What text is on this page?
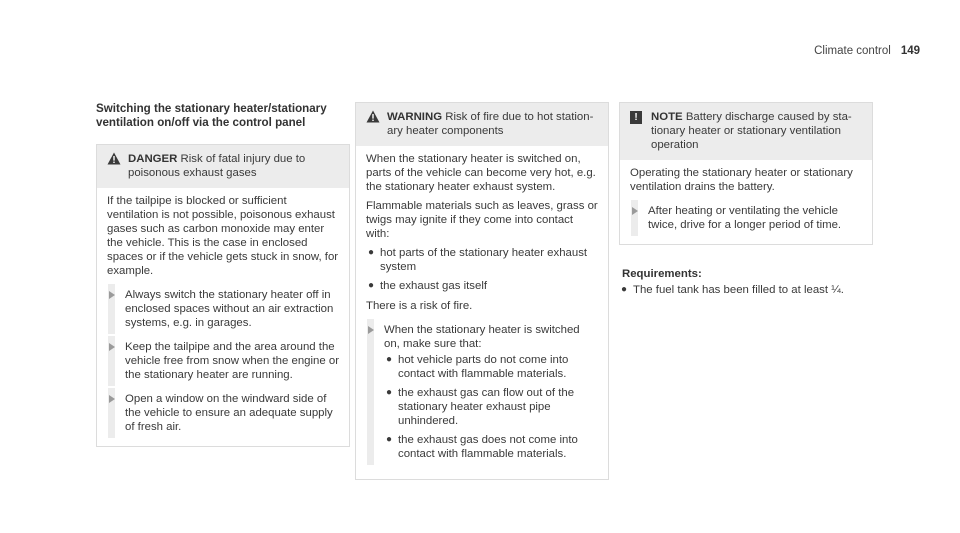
Climate control 149
Switching the stationary heater/stationary
ventilation on/off via the control panel
DANGER Risk of fatal injury due to poisonous exhaust gases

If the tailpipe is blocked or sufficient ventilation is not possible, poisonous exhaust gases such as carbon monoxide may enter the vehicle. This is the case in enclosed spaces or if the vehicle gets stuck in snow, for example.

Always switch the stationary heater off in enclosed spaces without an air extraction systems, e.g. in garages.
Keep the tailpipe and the area around the vehicle free from snow when the engine or the stationary heater are running.
Open a window on the windward side of the vehicle to ensure an adequate supply of fresh air.
WARNING Risk of fire due to hot stationary heater components

When the stationary heater is switched on, parts of the vehicle can become very hot, e.g. the stationary heater exhaust system.

Flammable materials such as leaves, grass or twigs may ignite if they come into contact with:

● hot parts of the stationary heater exhaust system
● the exhaust gas itself

There is a risk of fire.

When the stationary heater is switched on, make sure that:
● hot vehicle parts do not come into contact with flammable materials.
● the exhaust gas can flow out of the stationary heater exhaust pipe unhindered.
● the exhaust gas does not come into contact with flammable materials.
!	NOTE Battery discharge caused by stationary heater or stationary ventilation operation

Operating the stationary heater or stationary ventilation drains the battery.

After heating or ventilating the vehicle twice, drive for a longer period of time.
Requirements:
● The fuel tank has been filled to at least ¼.
